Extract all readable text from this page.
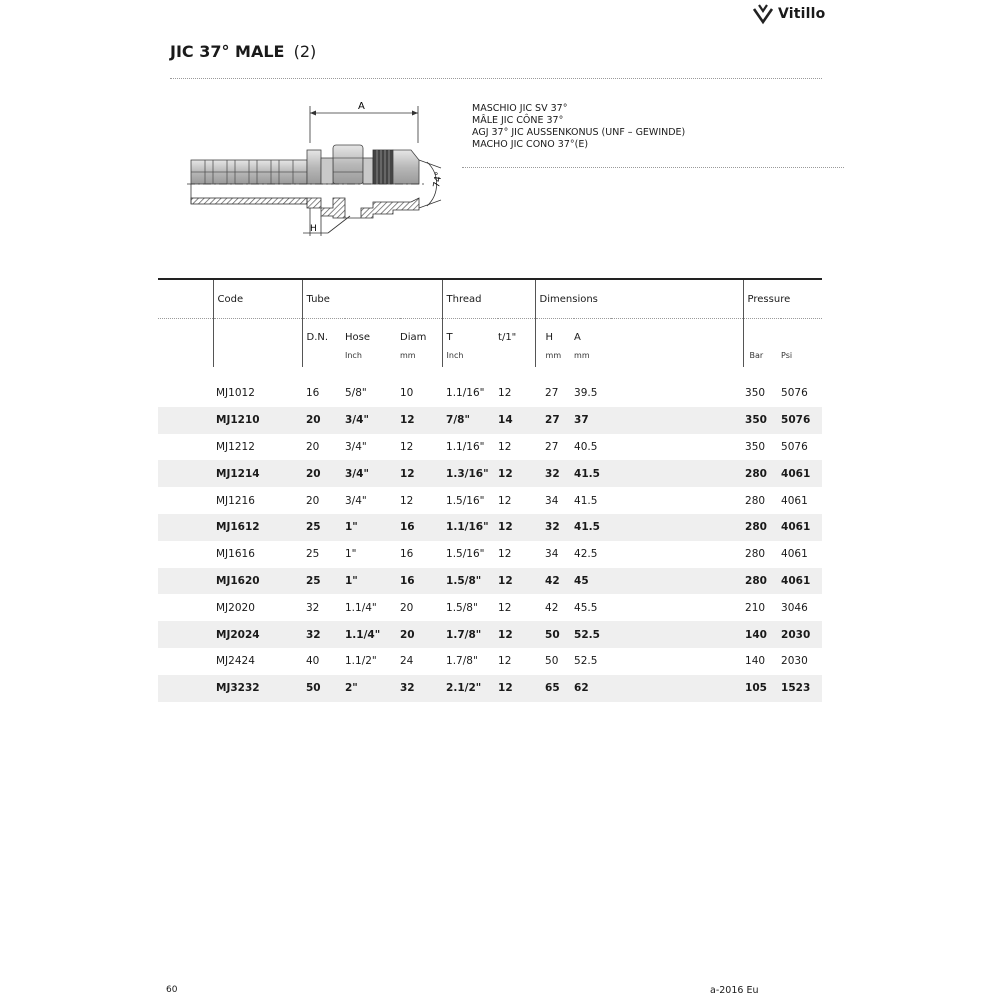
Vitillo
JIC 37° MALE (2)
A
H
74°
MASCHIO JIC SV 37°
MÂLE JIC CÔNE 37°
AGJ 37° JIC AUSSENKONUS (UNF – GEWINDE)
MACHO JIC CONO 37°(E)
	Code	Tube			Thread		Dimensions			Pressure	
		D.N.	Hose	Diam	T	t/1"	H	A			
			Inch	mm	Inch		mm	mm		Bar	Psi

	MJ1012	16	5/8"	10	1.1/16"	12	27	39.5		350	5076
	MJ1210	20	3/4"	12	7/8"	14	27	37		350	5076
	MJ1212	20	3/4"	12	1.1/16"	12	27	40.5		350	5076
	MJ1214	20	3/4"	12	1.3/16"	12	32	41.5		280	4061
	MJ1216	20	3/4"	12	1.5/16"	12	34	41.5		280	4061
	MJ1612	25	1"	16	1.1/16"	12	32	41.5		280	4061
	MJ1616	25	1"	16	1.5/16"	12	34	42.5		280	4061
	MJ1620	25	1"	16	1.5/8"	12	42	45		280	4061
	MJ2020	32	1.1/4"	20	1.5/8"	12	42	45.5		210	3046
	MJ2024	32	1.1/4"	20	1.7/8"	12	50	52.5		140	2030
	MJ2424	40	1.1/2"	24	1.7/8"	12	50	52.5		140	2030
	MJ3232	50	2"	32	2.1/2"	12	65	62		105	1523
60	a-2016 Eu
